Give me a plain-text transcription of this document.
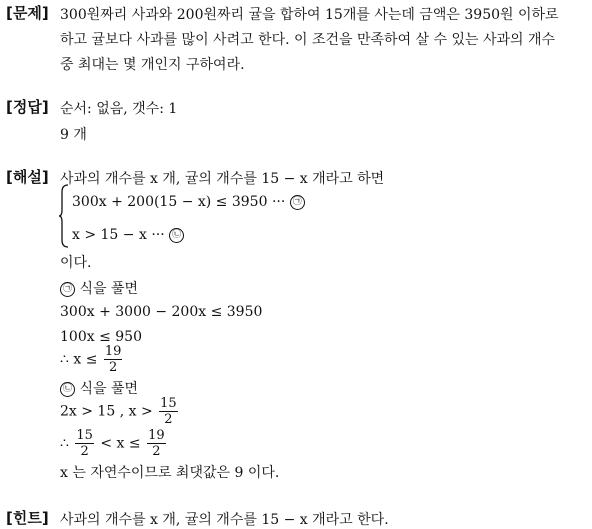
[문제] 300원짜리 사과와 200원짜리 귤을 합하여 15개를 사는데 금액은 3950원 이하로
하고 귤보다 사과를 많이 사려고 한다. 이 조건을 만족하여 살 수 있는 사과의 개수
중 최대는 몇 개인지 구하여라.
[정답] 순서: 없음, 갯수: 1
9 개
[해설] 사과의 개수를 x 개, 귤의 개수를 15 − x 개라고 하면
300x + 200(15 − x) ≤ 3950 ··· ㉠
x > 15 − x ··· ㉡
이다.
㉠ 식을 풀면
300x + 3000 − 200x ≤ 3950
100x ≤ 950
∴ $x \le \frac{19}{2}$
㉡ 식을 풀면
2x > 15 , $x > \frac{15}{2}$
∴ $\frac{15}{2} < x \le \frac{19}{2}$
x 는 자연수이므로 최댓값은 9 이다.
[힌트] 사과의 개수를 x 개, 귤의 개수를 15 − x 개라고 한다.
